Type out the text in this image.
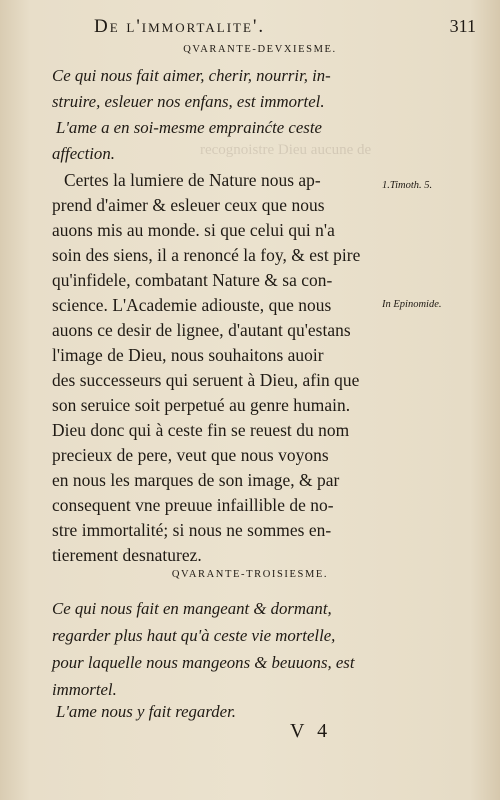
recognoistre Dieu aucune de
De l'immortalite'.	311
QVARANTE-DEVXIESME.
Ce qui nous fait aimer, cherir, nourrir, in-
struire, esleuer nos enfans, est immortel.
L'ame a en soi-mesme emprainćte ceste
affection.
Certes la lumiere de Nature nous ap-
prend d'aimer & esleuer ceux que nous
auons mis au monde. si que celui qui n'a
soin des siens, il a renoncé la foy, & est pire
qu'infidele, combatant Nature & sa con-
science. L'Academie adiouste, que nous
auons ce desir de lignee, d'autant qu'estans
l'image de Dieu, nous souhaitons auoir
des successeurs qui seruent à Dieu, afin que
son seruice soit perpetué au genre humain.
Dieu donc qui à ceste fin se reuest du nom
precieux de pere, veut que nous voyons
en nous les marques de son image, & par
consequent vne preuue infaillible de no-
stre immortalité; si nous ne sommes en-
tierement desnaturez.
1.Timoth. 5.
In Epinomide.
QVARANTE-TROISIESME.
Ce qui nous fait en mangeant & dormant,
regarder plus haut qu'à ceste vie mortelle,
pour laquelle nous mangeons & beuuons, est
immortel.
L'ame nous y fait regarder.
V 4
